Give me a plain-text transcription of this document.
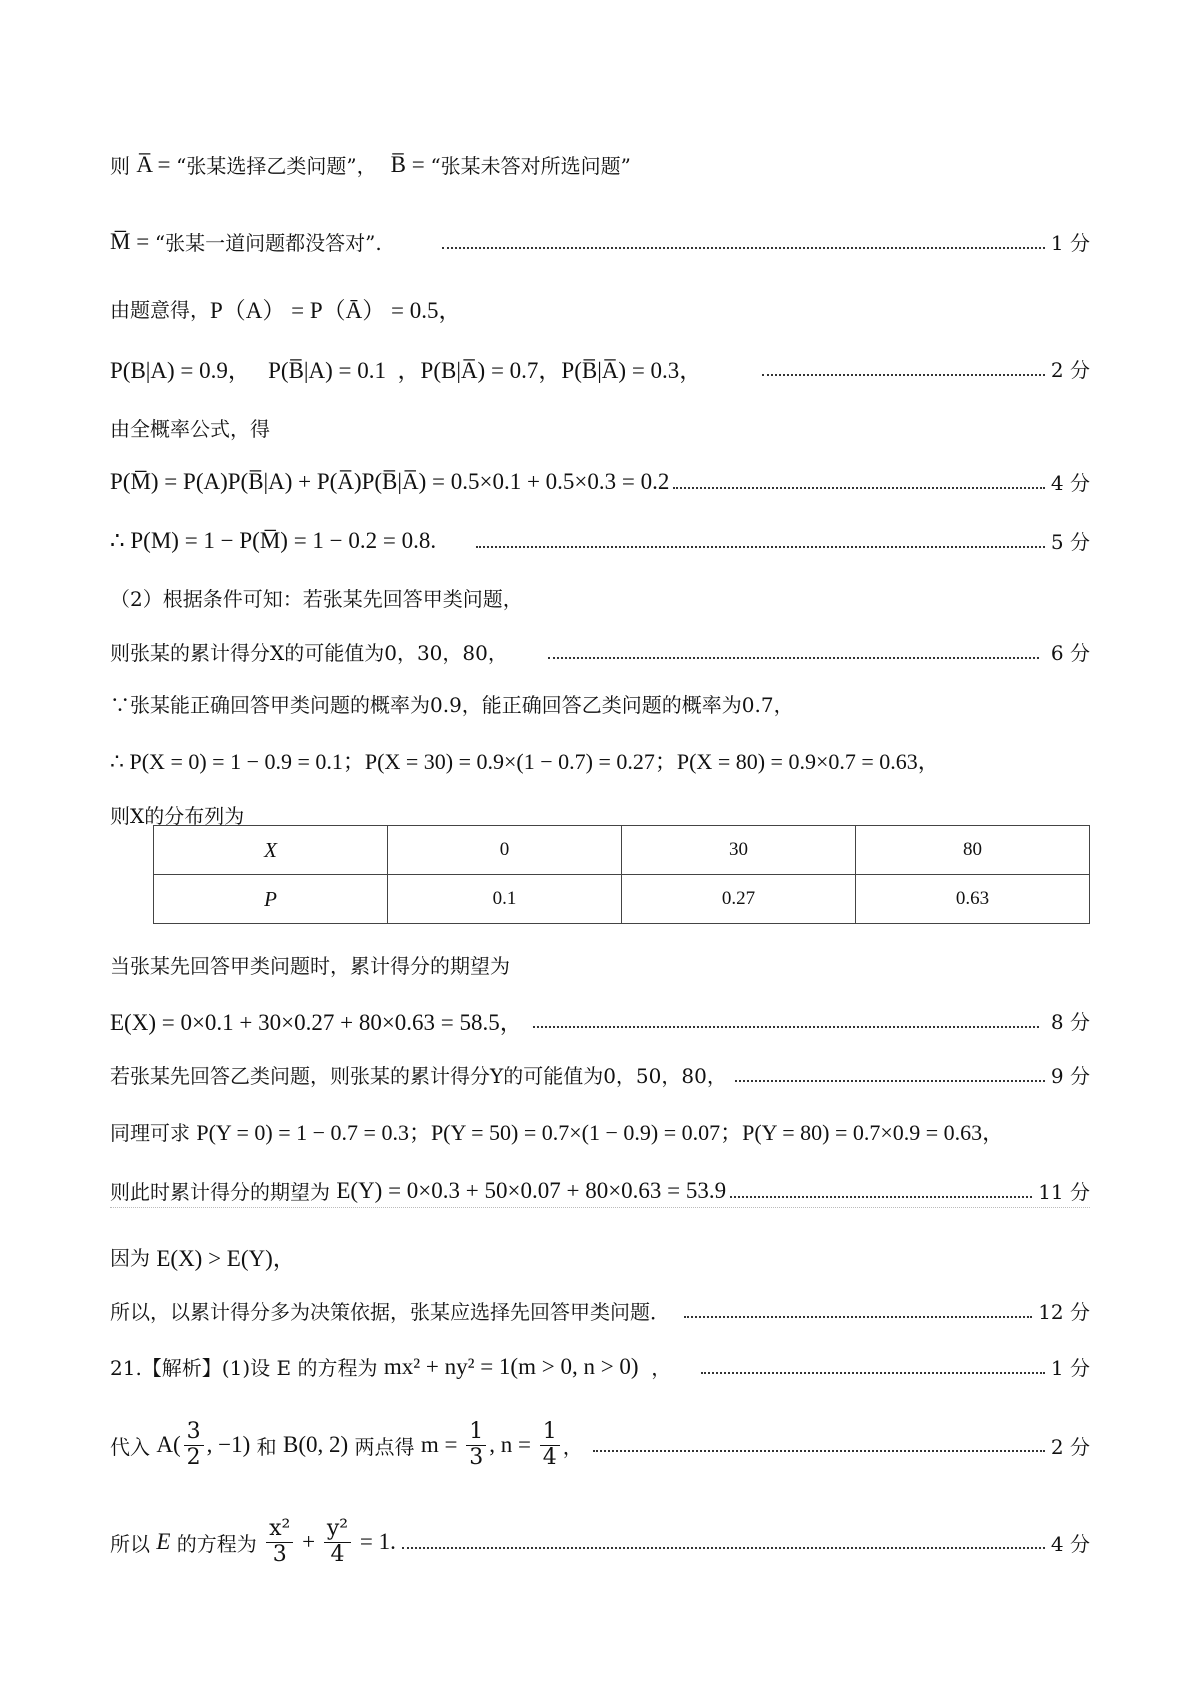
则 A̅ = “张某选择乙类问题”， B̅ = “张某未答对所选问题”
M̅ = “张某一道问题都没答对”.	1 分
由题意得， P（A） = P（Ā） = 0.5，
P(B|A) = 0.9，   P(B̅|A) = 0.1  ，P(B|A̅) = 0.7，P(B̅|A̅) = 0.3，	2 分
由全概率公式，得
P(M̅) = P(A)P(B̅|A) + P(A̅)P(B̅|A̅) = 0.5×0.1 + 0.5×0.3 = 0.2	4 分
∴ P(M) = 1 − P(M̅) = 1 − 0.2 = 0.8.	5 分
（2）根据条件可知：若张某先回答甲类问题，
则张某的累计得分X的可能值为0，30，80，	6 分
∵张某能正确回答甲类问题的概率为0.9，能正确回答乙类问题的概率为0.7，
∴ P(X = 0) = 1 − 0.9 = 0.1；P(X = 30) = 0.9×(1 − 0.7) = 0.27；P(X = 80) = 0.9×0.7 = 0.63，
则X的分布列为
X	0	30	80
P	0.1	0.27	0.63
当张某先回答甲类问题时，累计得分的期望为
E(X) = 0×0.1 + 30×0.27 + 80×0.63 = 58.5，	8 分
若张某先回答乙类问题，则张某的累计得分Y的可能值为0，50，80，	9 分
同理可求 P(Y = 0) = 1 − 0.7 = 0.3；P(Y = 50) = 0.7×(1 − 0.9) = 0.07；P(Y = 80) = 0.7×0.9 = 0.63，
则此时累计得分的期望为 E(Y) = 0×0.3 + 50×0.07 + 80×0.63 = 53.9	11 分
因为 E(X) > E(Y)，
所以，以累计得分多为决策依据，张某应选择先回答甲类问题．	12 分
21.【解析】(1)设 E 的方程为 mx² + ny² = 1(m > 0, n > 0) ，	1 分
代入 $A( \frac{3}{2}$ , −1) 和 B(0, 2) 两点得 $m = \frac{1}{3}$ , $n = \frac{1}{4}$ ，	2 分
所以 E 的方程为 $\frac{\text{x²}}{3} + \frac{\text{y²}}{4} = 1$.	4 分
